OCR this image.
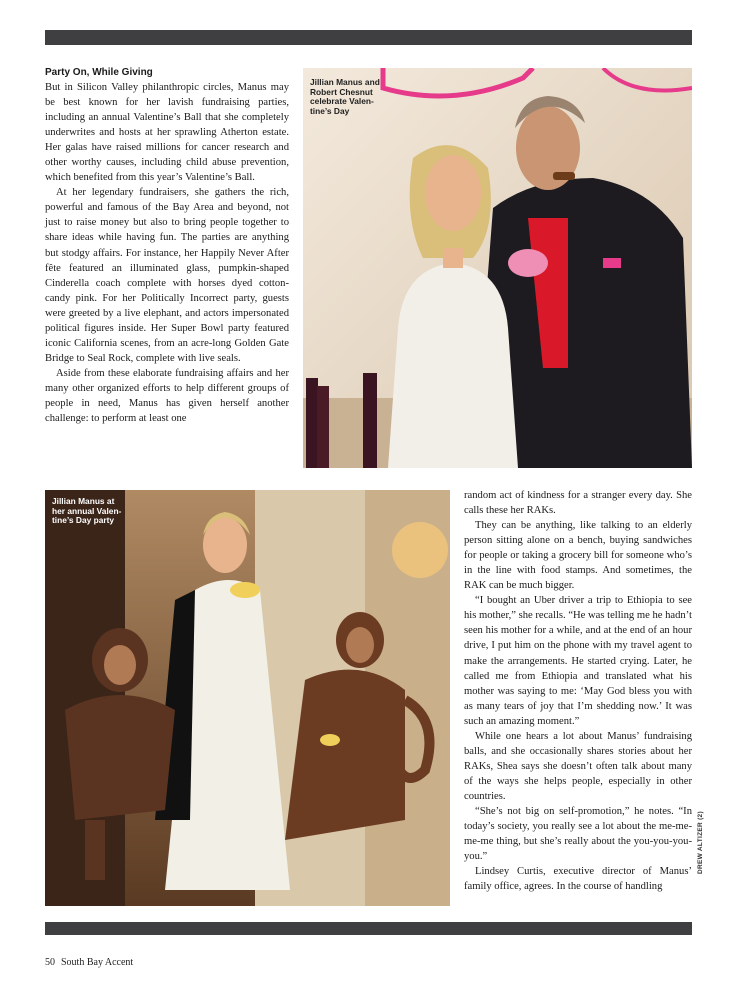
Party On, While Giving

But in Silicon Valley philanthropic circles, Manus may be best known for her lavish fundraising parties, including an annual Valentine’s Ball that she completely underwrites and hosts at her sprawling Atherton estate. Her galas have raised millions for cancer research and other worthy causes, including child abuse prevention, which benefited from this year’s Valentine’s Ball.

At her legendary fundraisers, she gathers the rich, powerful and famous of the Bay Area and beyond, not just to raise money but also to bring people together to share ideas while having fun. The parties are anything but stodgy affairs. For instance, her Happily Never After fête featured an illuminated glass, pumpkin-shaped Cinderella coach complete with horses dyed cotton-candy pink. For her Politically Incorrect party, guests were greeted by a live elephant, and actors impersonated political figures inside. Her Super Bowl party featured iconic California scenes, from an acre-long Golden Gate Bridge to Seal Rock, complete with live seals.

Aside from these elaborate fundraising affairs and her many other organized efforts to help different groups of people in need, Manus has given herself another challenge: to perform at least one

Jillian Manus and Robert Chesnut celebrate Valentine’s Day
Jillian Manus at her annual Valentine’s Day party

random act of kindness for a stranger every day. She calls these her RAKs.

They can be anything, like talking to an elderly person sitting alone on a bench, buying sandwiches for people or taking a grocery bill for someone who’s in the line with food stamps. And sometimes, the RAK can be much bigger.

“I bought an Uber driver a trip to Ethiopia to see his mother,” she recalls. “He was telling me he hadn’t seen his mother for a while, and at the end of an hour drive, I put him on the phone with my travel agent to make the arrangements. He started crying. Later, he called me from Ethiopia and translated what his mother was saying to me: ‘May God bless you with as many tears of joy that I’m shedding now.’ It was such an amazing moment.”

While one hears a lot about Manus’ fundraising balls, and she occasionally shares stories about her RAKs, Shea says she doesn’t often talk about many of the ways she helps people, especially in other countries.

“She’s not big on self-promotion,” he notes. “In today’s society, you really see a lot about the me-me-me-me thing, but she’s really about the you-you-you-you.”

Lindsey Curtis, executive director of Manus’ family office, agrees. In the course of handling

DREW ALTIZER (2)
50 South Bay Accent
